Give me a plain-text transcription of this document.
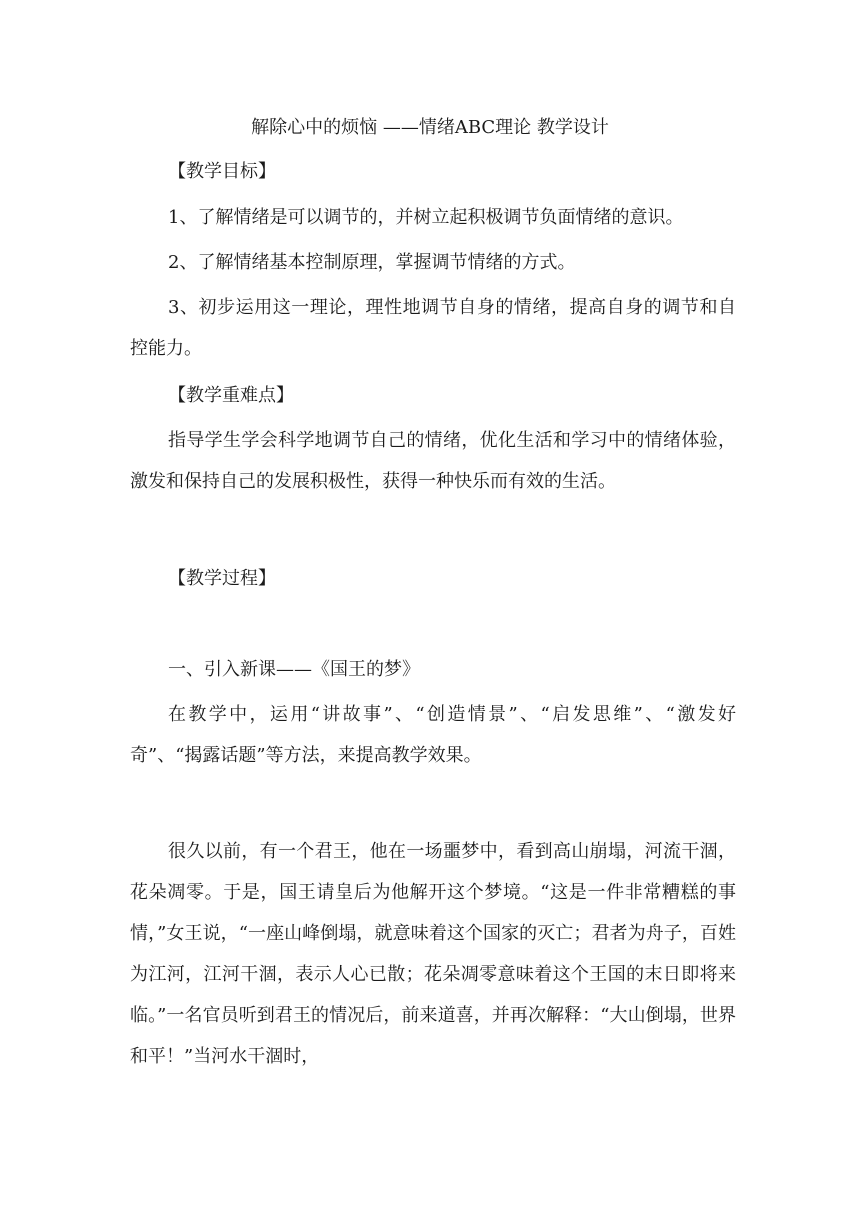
解除心中的烦恼 ——情绪ABC理论 教学设计
【教学目标】
1、了解情绪是可以调节的，并树立起积极调节负面情绪的意识。
2、了解情绪基本控制原理，掌握调节情绪的方式。

3、初步运用这一理论，理性地调节自身的情绪，提高自身的调节和自控能力。

【教学重难点】

指导学生学会科学地调节自己的情绪，优化生活和学习中的情绪体验，激发和保持自己的发展积极性，获得一种快乐而有效的生活。

【教学过程】
一、引入新课——《国王的梦》

在教学中，运用“讲故事”、“创造情景”、“启发思维”、“激发好奇”、“揭露话题”等方法，来提高教学效果。

很久以前，有一个君王，他在一场噩梦中，看到高山崩塌，河流干涸，花朵凋零。于是，国王请皇后为他解开这个梦境。“这是一件非常糟糕的事情，”女王说，“一座山峰倒塌，就意味着这个国家的灭亡；君者为舟子，百姓为江河，江河干涸，表示人心已散；花朵凋零意味着这个王国的末日即将来临。”一名官员听到君王的情况后，前来道喜，并再次解释：“大山倒塌，世界和平！”当河水干涸时，
